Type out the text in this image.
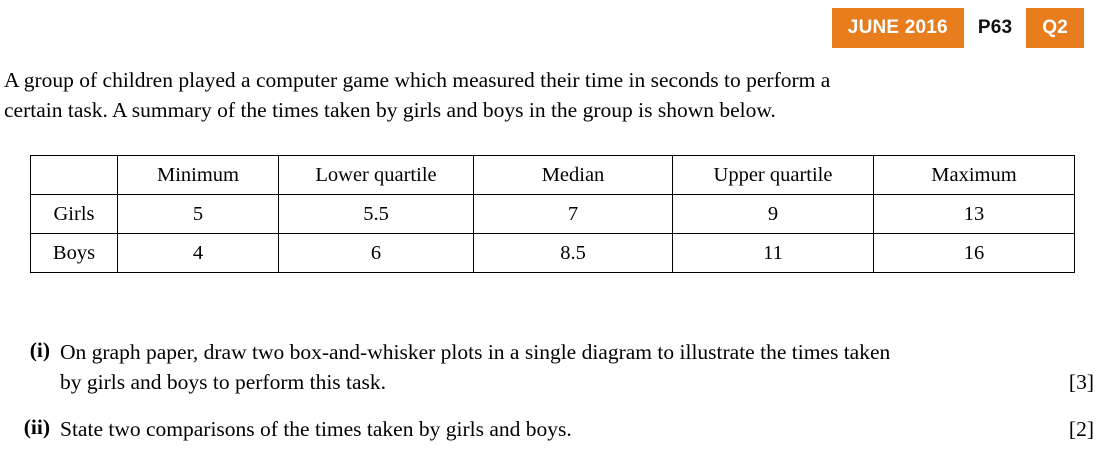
JUNE 2016	P63	Q2
A group of children played a computer game which measured their time in seconds to perform a
certain task. A summary of the times taken by girls and boys in the group is shown below.
	Minimum	Lower quartile	Median	Upper quartile	Maximum
Girls	5	5.5	7	9	13
Boys	4	6	8.5	11	16
(i) On graph paper, draw two box-and-whisker plots in a single diagram to illustrate the times taken
by girls and boys to perform this task.	[3]
(ii) State two comparisons of the times taken by girls and boys.	[2]
